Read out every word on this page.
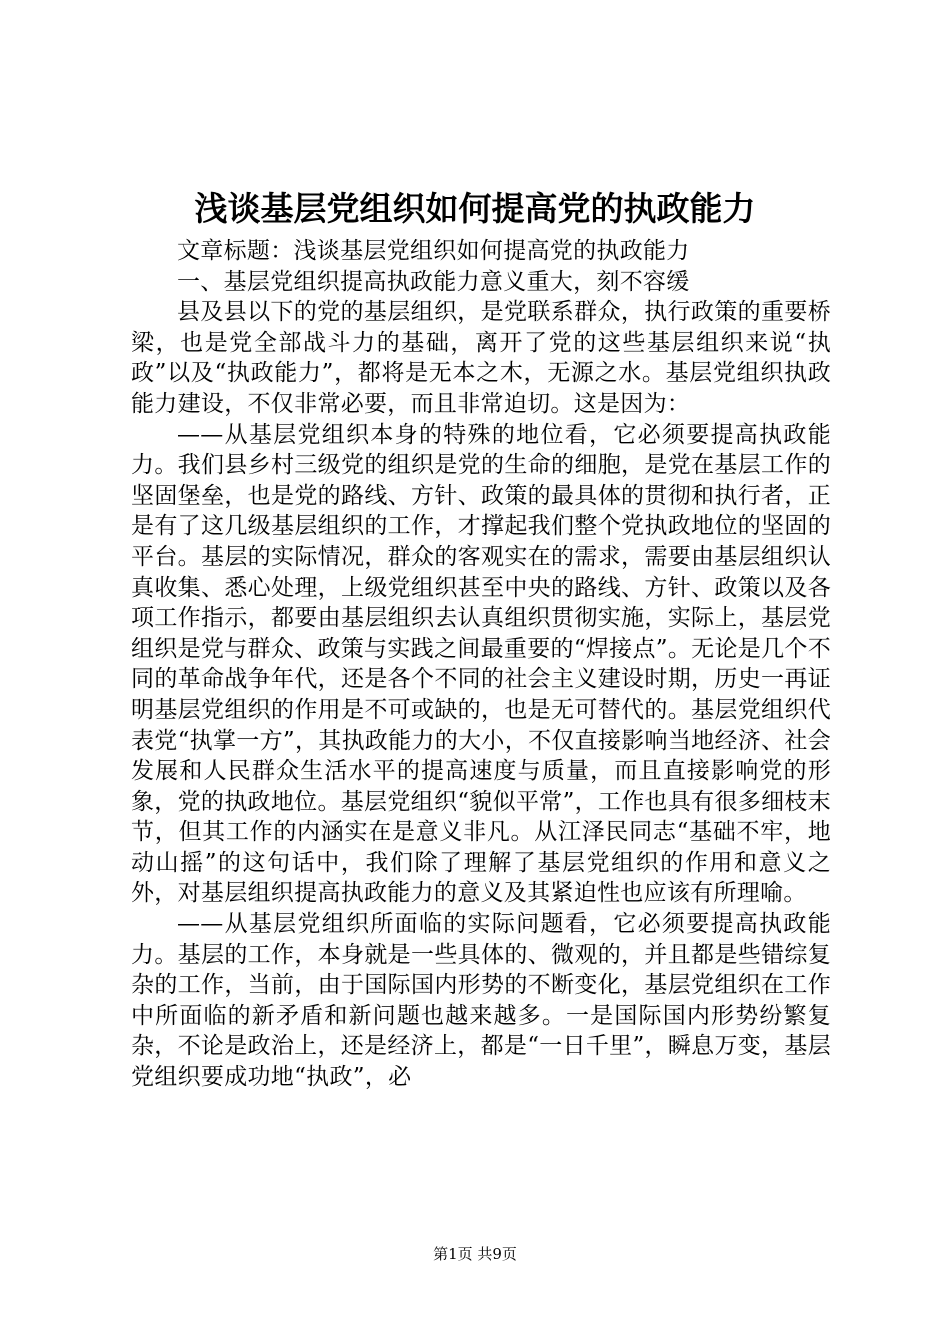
浅谈基层党组织如何提高党的执政能力

文章标题：浅谈基层党组织如何提高党的执政能力

一、基层党组织提高执政能力意义重大，刻不容缓

县及县以下的党的基层组织，是党联系群众，执行政策的重要桥梁，也是党全部战斗力的基础，离开了党的这些基层组织来说“执政”以及“执政能力”，都将是无本之木，无源之水。基层党组织执政能力建设，不仅非常必要，而且非常迫切。这是因为：

——从基层党组织本身的特殊的地位看，它必须要提高执政能力。我们县乡村三级党的组织是党的生命的细胞，是党在基层工作的坚固堡垒，也是党的路线、方针、政策的最具体的贯彻和执行者，正是有了这几级基层组织的工作，才撑起我们整个党执政地位的坚固的平台。基层的实际情况，群众的客观实在的需求，需要由基层组织认真收集、悉心处理，上级党组织甚至中央的路线、方针、政策以及各项工作指示，都要由基层组织去认真组织贯彻实施，实际上，基层党组织是党与群众、政策与实践之间最重要的“焊接点”。无论是几个不同的革命战争年代，还是各个不同的社会主义建设时期，历史一再证明基层党组织的作用是不可或缺的，也是无可替代的。基层党组织代表党“执掌一方”，其执政能力的大小，不仅直接影响当地经济、社会发展和人民群众生活水平的提高速度与质量，而且直接影响党的形象，党的执政地位。基层党组织“貌似平常”，工作也具有很多细枝末节，但其工作的内涵实在是意义非凡。从江泽民同志“基础不牢，地动山摇”的这句话中，我们除了理解了基层党组织的作用和意义之外，对基层组织提高执政能力的意义及其紧迫性也应该有所理喻。

——从基层党组织所面临的实际问题看，它必须要提高执政能力。基层的工作，本身就是一些具体的、微观的，并且都是些错综复杂的工作，当前，由于国际国内形势的不断变化，基层党组织在工作中所面临的新矛盾和新问题也越来越多。一是国际国内形势纷繁复杂，不论是政治上，还是经济上，都是“一日千里”，瞬息万变，基层党组织要成功地“执政”，必

第1页 共9页
